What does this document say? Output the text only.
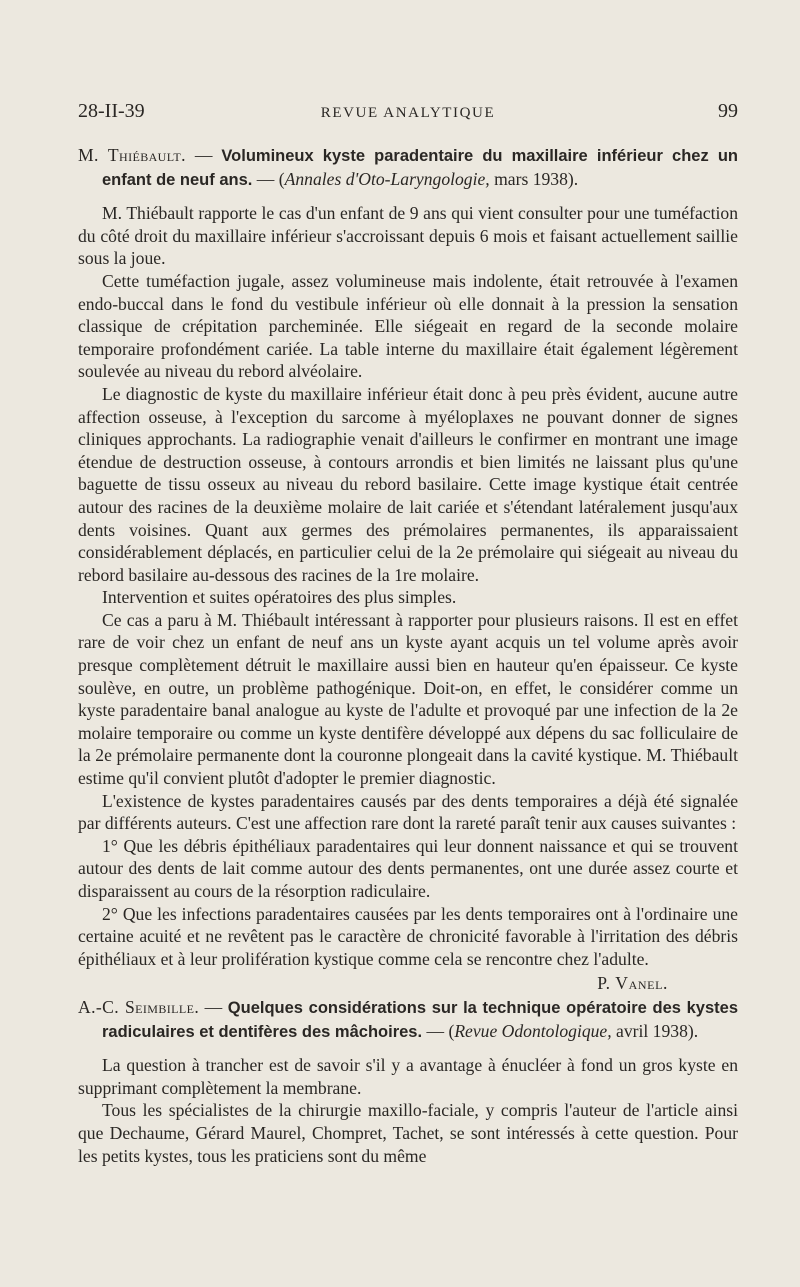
28-II-39	REVUE ANALYTIQUE	99
M. Thiébault. — Volumineux kyste paradentaire du maxillaire inférieur chez un enfant de neuf ans. — (Annales d'Oto-Laryngologie, mars 1938).

M. Thiébault rapporte le cas d'un enfant de 9 ans qui vient consulter pour une tuméfaction du côté droit du maxillaire inférieur s'accroissant depuis 6 mois et faisant actuellement saillie sous la joue.

Cette tuméfaction jugale, assez volumineuse mais indolente, était retrouvée à l'examen endo-buccal dans le fond du vestibule inférieur où elle donnait à la pression la sensation classique de crépitation parcheminée. Elle siégeait en regard de la seconde molaire temporaire profondément cariée. La table interne du maxillaire était également légèrement soulevée au niveau du rebord alvéolaire.

Le diagnostic de kyste du maxillaire inférieur était donc à peu près évident, aucune autre affection osseuse, à l'exception du sarcome à myéloplaxes ne pouvant donner de signes cliniques approchants. La radiographie venait d'ailleurs le confirmer en montrant une image étendue de destruction osseuse, à contours arrondis et bien limités ne laissant plus qu'une baguette de tissu osseux au niveau du rebord basilaire. Cette image kystique était centrée autour des racines de la deuxième molaire de lait cariée et s'étendant latéralement jusqu'aux dents voisines. Quant aux germes des prémolaires permanentes, ils apparaissaient considérablement déplacés, en particulier celui de la 2e prémolaire qui siégeait au niveau du rebord basilaire au-dessous des racines de la 1re molaire.

Intervention et suites opératoires des plus simples.

Ce cas a paru à M. Thiébault intéressant à rapporter pour plusieurs raisons. Il est en effet rare de voir chez un enfant de neuf ans un kyste ayant acquis un tel volume après avoir presque complètement détruit le maxillaire aussi bien en hauteur qu'en épaisseur. Ce kyste soulève, en outre, un problème pathogénique. Doit-on, en effet, le considérer comme un kyste paradentaire banal analogue au kyste de l'adulte et provoqué par une infection de la 2e molaire temporaire ou comme un kyste dentifère développé aux dépens du sac folliculaire de la 2e prémolaire permanente dont la couronne plongeait dans la cavité kystique. M. Thiébault estime qu'il convient plutôt d'adopter le premier diagnostic.

L'existence de kystes paradentaires causés par des dents temporaires a déjà été signalée par différents auteurs. C'est une affection rare dont la rareté paraît tenir aux causes suivantes :

1° Que les débris épithéliaux paradentaires qui leur donnent naissance et qui se trouvent autour des dents de lait comme autour des dents permanentes, ont une durée assez courte et disparaissent au cours de la résorption radiculaire.

2° Que les infections paradentaires causées par les dents temporaires ont à l'ordinaire une certaine acuité et ne revêtent pas le caractère de chronicité favorable à l'irritation des débris épithéliaux et à leur prolifération kystique comme cela se rencontre chez l'adulte.

P. Vanel.
A.-C. Seimbille. — Quelques considérations sur la technique opératoire des kystes radiculaires et dentifères des mâchoires. — (Revue Odontologique, avril 1938).

La question à trancher est de savoir s'il y a avantage à énucléer à fond un gros kyste en supprimant complètement la membrane.

Tous les spécialistes de la chirurgie maxillo-faciale, y compris l'auteur de l'article ainsi que Dechaume, Gérard Maurel, Chompret, Tachet, se sont intéressés à cette question. Pour les petits kystes, tous les praticiens sont du même
